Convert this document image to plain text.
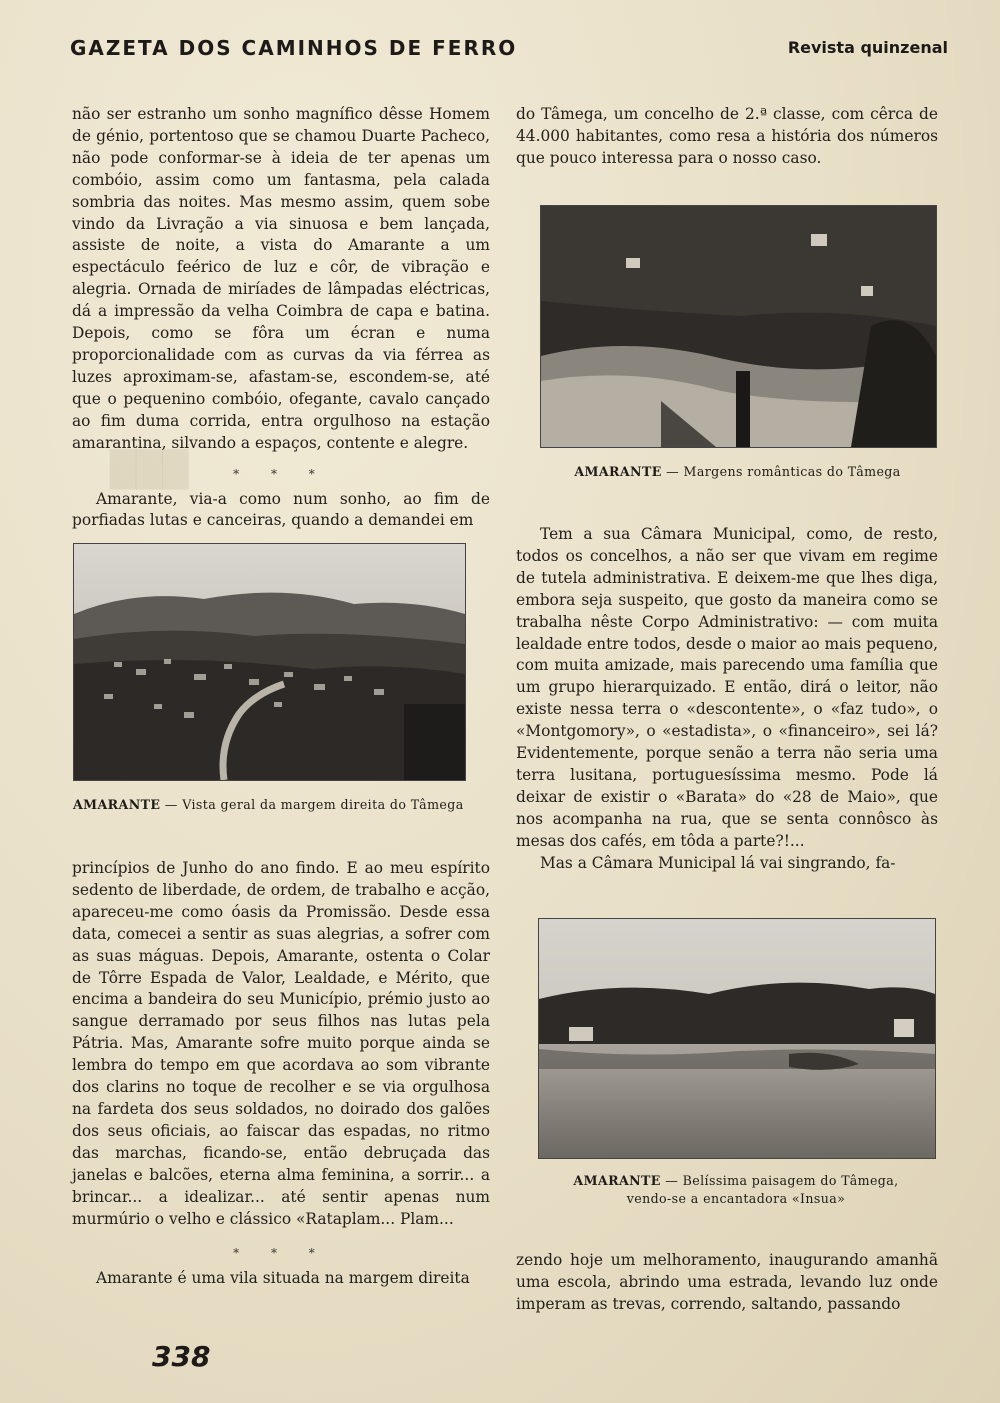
███
GAZETA DOS CAMINHOS DE FERRO	Revista quinzenal

não ser estranho um sonho magnífico dêsse Homem de génio, portentoso que se chamou Duarte Pacheco, não pode conformar-se à ideia de ter apenas um combóio, assim como um fantasma, pela calada sombria das noites. Mas mesmo assim, quem sobe vindo da Livração a via sinuosa e bem lançada, assiste de noite, a vista do Amarante a um espectáculo feérico de luz e côr, de vibração e alegria. Ornada de miríades de lâmpadas eléctricas, dá a impressão da velha Coimbra de capa e batina. Depois, como se fôra um écran e numa proporcionalidade com as curvas da via férrea as luzes aproximam-se, afastam-se, escondem-se, até que o pequenino combóio, ofegante, cavalo cançado ao fim duma corrida, entra orgulhoso na estação amarantina, silvando a espaços, contente e alegre.

* * *

Amarante, via-a como num sonho, ao fim de porfiadas lutas e canceiras, quando a demandei em

AMARANTE — Vista geral da margem direita do Tâmega

princípios de Junho do ano findo. E ao meu espírito sedento de liberdade, de ordem, de trabalho e acção, apareceu-me como óasis da Promissão. Desde essa data, comecei a sentir as suas alegrias, a sofrer com as suas máguas. Depois, Amarante, ostenta o Colar de Tôrre Espada de Valor, Lealdade, e Mérito, que encima a bandeira do seu Município, prémio justo ao sangue derramado por seus filhos nas lutas pela Pátria. Mas, Amarante sofre muito porque ainda se lembra do tempo em que acordava ao som vibrante dos clarins no toque de recolher e se via orgulhosa na fardeta dos seus soldados, no doirado dos galões dos seus oficiais, ao faiscar das espadas, no ritmo das marchas, ficando-se, então debruçada das janelas e balcões, eterna alma feminina, a sorrir... a brincar... a idealizar... até sentir apenas num murmúrio o velho e clássico «Rataplam... Plam...

* * *

Amarante é uma vila situada na margem direita

do Tâmega, um concelho de 2.ª classe, com cêrca de 44.000 habitantes, como resa a história dos números que pouco interessa para o nosso caso.

AMARANTE — Margens românticas do Tâmega

Tem a sua Câmara Municipal, como, de resto, todos os concelhos, a não ser que vivam em regime de tutela administrativa. E deixem-me que lhes diga, embora seja suspeito, que gosto da maneira como se trabalha nêste Corpo Administrativo: — com muita lealdade entre todos, desde o maior ao mais pequeno, com muita amizade, mais parecendo uma família que um grupo hierarquizado. E então, dirá o leitor, não existe nessa terra o «descontente», o «faz tudo», o «Montgomory», o «estadista», o «financeiro», sei lá? Evidentemente, porque senão a terra não seria uma terra lusitana, portuguesíssima mesmo. Pode lá deixar de existir o «Barata» do «28 de Maio», que nos acompanha na rua, que se senta connôsco às mesas dos cafés, em tôda a parte?!...

Mas a Câmara Municipal lá vai singrando, fa-

AMARANTE — Belíssima paisagem do Tâmega,
vendo-se a encantadora «Insua»

zendo hoje um melhoramento, inaugurando amanhã uma escola, abrindo uma estrada, levando luz onde imperam as trevas, correndo, saltando, passando

338
